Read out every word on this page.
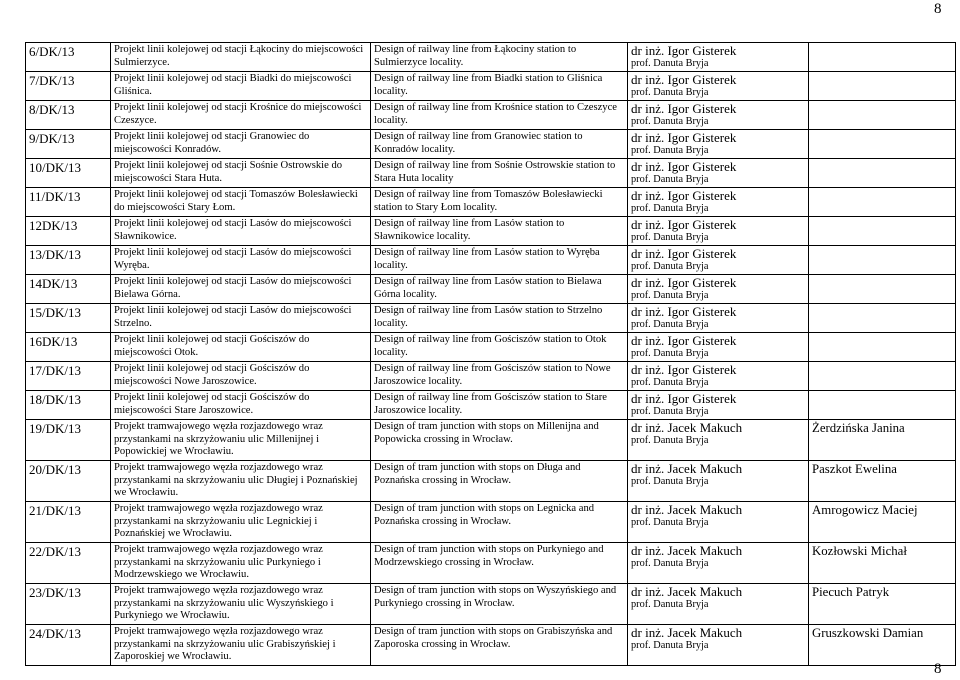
8
6/DK/13	Projekt linii kolejowej od stacji Łąkociny do miejscowości Sulmierzyce.	Design of railway line from Łąkociny station to Sulmierzyce locality.	dr inż. Igor Gisterek
prof. Danuta Bryja	

7/DK/13	Projekt linii kolejowej od stacji Biadki do miejscowości Gliśnica.	Design of railway line from Biadki station to Gliśnica locality.	dr inż. Igor Gisterek
prof. Danuta Bryja	

8/DK/13	Projekt linii kolejowej od stacji Krośnice do miejscowości Czeszyce.	Design of railway line from Krośnice station to Czeszyce locality.	dr inż. Igor Gisterek
prof. Danuta Bryja	

9/DK/13	Projekt linii kolejowej od stacji Granowiec do miejscowości Konradów.	Design of railway line from Granowiec station to Konradów locality.	dr inż. Igor Gisterek
prof. Danuta Bryja	

10/DK/13	Projekt linii kolejowej od stacji Sośnie Ostrowskie do miejscowości Stara Huta.	Design of railway line from Sośnie Ostrowskie station to Stara Huta locality	dr inż. Igor Gisterek
prof. Danuta Bryja	

11/DK/13	Projekt linii kolejowej od stacji Tomaszów Bolesławiecki do miejscowości Stary Łom.	Design of railway line from Tomaszów Bolesławiecki station to Stary Łom locality.	dr inż. Igor Gisterek
prof. Danuta Bryja	

12DK/13	Projekt linii kolejowej od stacji Lasów do miejscowości Sławnikowice.	Design of railway line from Lasów station to Sławnikowice locality.	dr inż. Igor Gisterek
prof. Danuta Bryja	

13/DK/13	Projekt linii kolejowej od stacji Lasów do miejscowości Wyręba.	Design of railway line from Lasów station to Wyręba locality.	dr inż. Igor Gisterek
prof. Danuta Bryja	

14DK/13	Projekt linii kolejowej od stacji Lasów do miejscowości Bielawa Górna.	Design of railway line from Lasów station to Bielawa Górna locality.	dr inż. Igor Gisterek
prof. Danuta Bryja	

15/DK/13	Projekt linii kolejowej od stacji Lasów do miejscowości Strzelno.	Design of railway line from Lasów station to Strzelno locality.	dr inż. Igor Gisterek
prof. Danuta Bryja	

16DK/13	Projekt linii kolejowej od stacji Gościszów do miejscowości Otok.	Design of railway line from Gościszów station to Otok locality.	dr inż. Igor Gisterek
prof. Danuta Bryja	

17/DK/13	Projekt linii kolejowej od stacji Gościszów do miejscowości Nowe Jaroszowice.	Design of railway line from Gościszów station to Nowe Jaroszowice locality.	dr inż. Igor Gisterek
prof. Danuta Bryja	

18/DK/13	Projekt linii kolejowej od stacji Gościszów do miejscowości Stare Jaroszowice.	Design of railway line from Gościszów station to Stare Jaroszowice locality.	dr inż. Igor Gisterek
prof. Danuta Bryja	

19/DK/13	Projekt tramwajowego węzła rozjazdowego wraz przystankami na skrzyżowaniu ulic Millenijnej i Popowickiej we Wrocławiu.	Design of tram junction with stops on Millenijna and Popowicka crossing in Wrocław.	dr inż. Jacek Makuch
prof. Danuta Bryja	Żerdzińska Janina
20/DK/13	Projekt tramwajowego węzła rozjazdowego wraz przystankami na skrzyżowaniu ulic Długiej i Poznańskiej we Wrocławiu.	Design of tram junction with stops on Długa and Poznańska crossing in Wrocław.	dr inż. Jacek Makuch
prof. Danuta Bryja	Paszkot Ewelina
21/DK/13	Projekt tramwajowego węzła rozjazdowego wraz przystankami na skrzyżowaniu ulic Legnickiej i Poznańskiej we Wrocławiu.	Design of tram junction with stops on Legnicka and Poznańska crossing in Wrocław.	dr inż. Jacek Makuch
prof. Danuta Bryja	Amrogowicz Maciej
22/DK/13	Projekt tramwajowego węzła rozjazdowego wraz przystankami na skrzyżowaniu ulic Purkyniego i Modrzewskiego we Wrocławiu.	Design of tram junction with stops on Purkyniego and Modrzewskiego crossing in Wrocław.	dr inż. Jacek Makuch
prof. Danuta Bryja	Kozłowski Michał
23/DK/13	Projekt tramwajowego węzła rozjazdowego wraz przystankami na skrzyżowaniu ulic Wyszyńskiego i Purkyniego we Wrocławiu.	Design of tram junction with stops on Wyszyńskiego and Purkyniego crossing in Wrocław.	dr inż. Jacek Makuch
prof. Danuta Bryja	Piecuch Patryk
24/DK/13	Projekt tramwajowego węzła rozjazdowego wraz przystankami na skrzyżowaniu ulic Grabiszyńskiej i Zaporoskiej we Wrocławiu.	Design of tram junction with stops on Grabiszyńska and Zaporoska crossing in Wrocław.	dr inż. Jacek Makuch
prof. Danuta Bryja	Gruszkowski Damian
8
